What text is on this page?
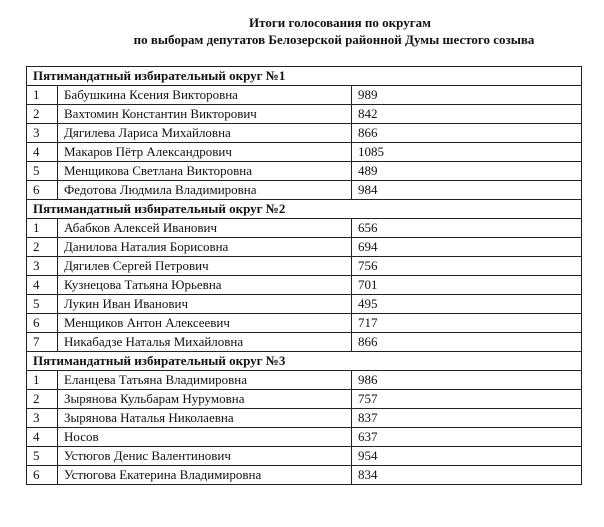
Итоги голосования по округам
по выборам депутатов Белозерской районной Думы шестого созыва
Пятимандатный избирательный округ №1		
1	Бабушкина Ксения Викторовна	989
2	Вахтомин Константин Викторович	842
3	Дягилева Лариса Михайловна	866
4	Макаров Пётр Александрович	1085
5	Менщикова Светлана Викторовна	489
6	Федотова Людмила Владимировна	984
Пятимандатный избирательный округ №2		
1	Абабков Алексей Иванович	656
2	Данилова Наталия Борисовна	694
3	Дягилев Сергей Петрович	756
4	Кузнецова Татьяна Юрьевна	701
5	Лукин Иван Иванович	495
6	Менщиков Антон Алексеевич	717
7	Никабадзе Наталья Михайловна	866
Пятимандатный избирательный округ №3		
1	Еланцева Татьяна Владимировна	986
2	Зырянова Кульбарам Нурумовна	757
3	Зырянова Наталья Николаевна	837
4	Носов	637
5	Устюгов Денис Валентинович	954
6	Устюгова Екатерина Владимировна	834
